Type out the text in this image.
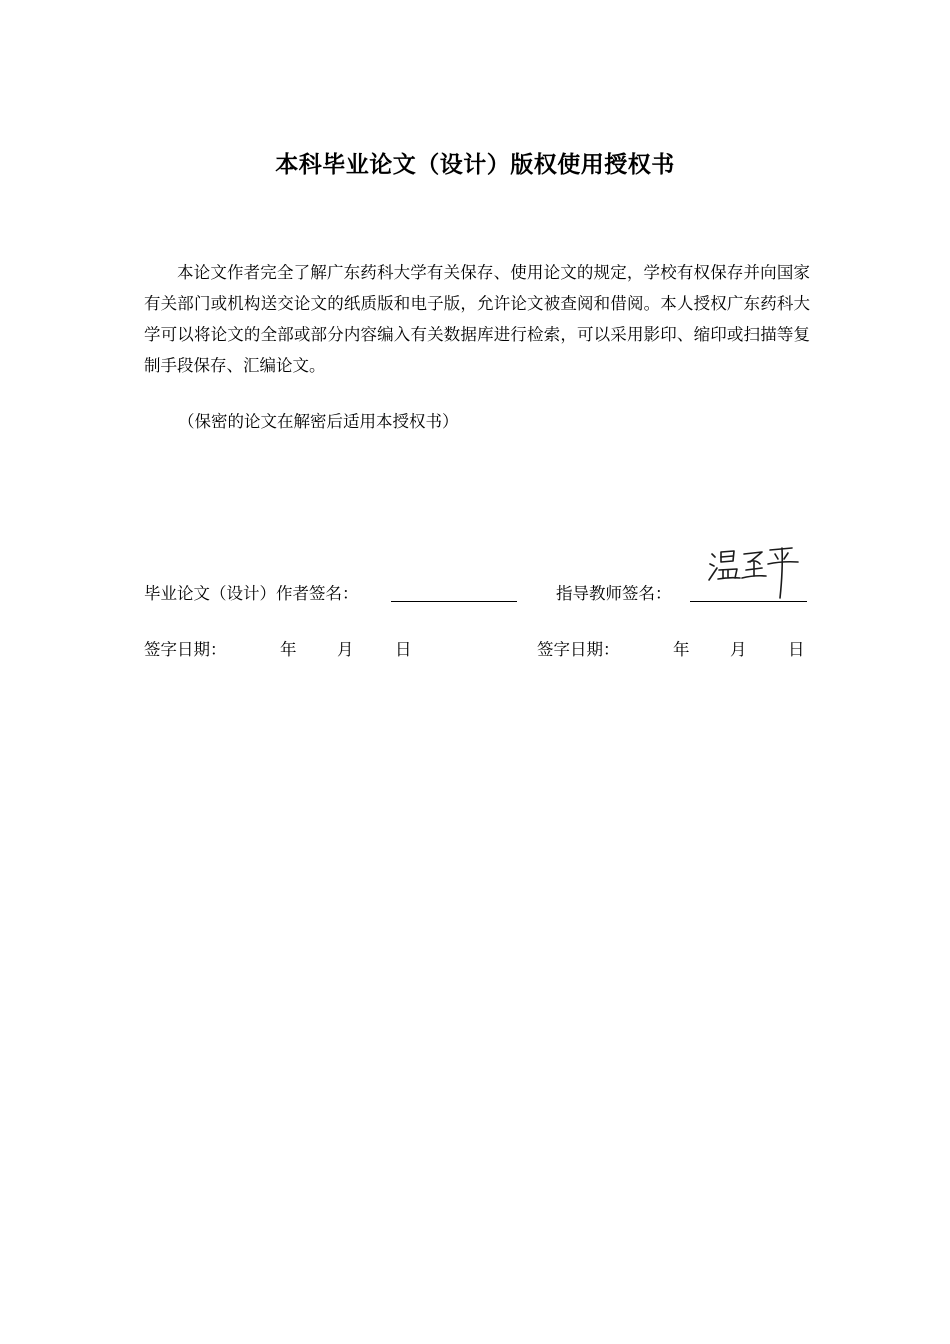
本科毕业论文（设计）版权使用授权书

本论文作者完全了解广东药科大学有关保存、使用论文的规定，学校有权保存并向国家有关部门或机构送交论文的纸质版和电子版，允许论文被查阅和借阅。本人授权广东药科大学可以将论文的全部或部分内容编入有关数据库进行检索，可以采用影印、缩印或扫描等复制手段保存、汇编论文。

（保密的论文在解密后适用本授权书）

毕业论文（设计）作者签名：	指导教师签名：
签字日期：	年 月	日	签字日期：	年 月	日
